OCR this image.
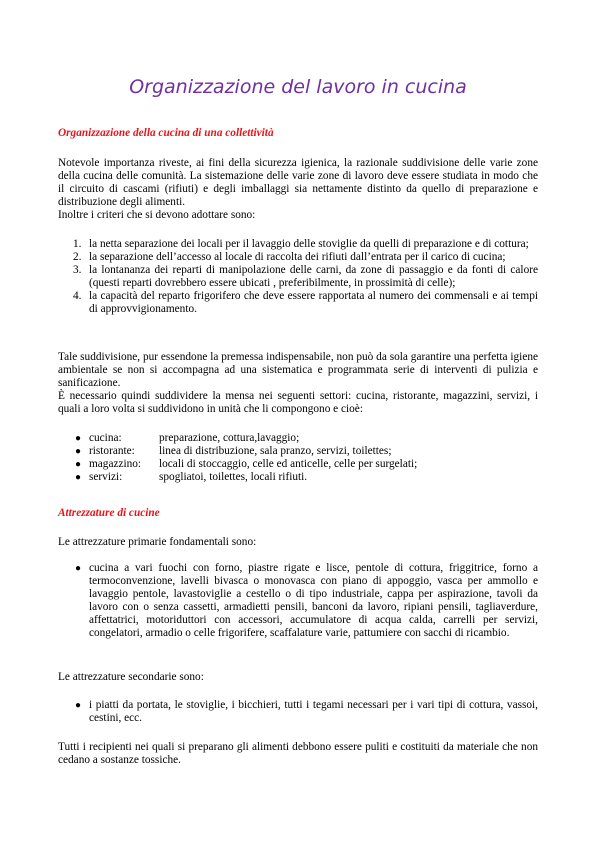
Organizzazione del lavoro in cucina
Organizzazione della cucina di una collettività

Notevole importanza riveste, ai fini della sicurezza igienica, la razionale suddivisione delle varie zone della cucina delle comunità. La sistemazione delle varie zone di lavoro deve essere studiata in modo che il circuito di cascami (rifiuti) e degli imballaggi sia nettamente distinto da quello di preparazione e distribuzione degli alimenti.

Inoltre i criteri che si devono adottare sono:

1. la netta separazione dei locali per il lavaggio delle stoviglie da quelli di preparazione e di cottura;
2. la separazione dell’accesso al locale di raccolta dei rifiuti dall’entrata per il carico di cucina;
3. la lontananza dei reparti di manipolazione delle carni, da zone di passaggio e da fonti di calore (questi reparti dovrebbero essere ubicati , preferibilmente, in prossimità di celle);
4. la capacità del reparto frigorifero che deve essere rapportata al numero dei commensali e ai tempi di approvvigionamento.

Tale suddivisione, pur essendone la premessa indispensabile, non può da sola garantire una perfetta igiene ambientale se non si accompagna ad una sistematica e programmata serie di interventi di pulizia e sanificazione.

È necessario quindi suddividere la mensa nei seguenti settori: cucina, ristorante, magazzini, servizi, i quali a loro volta si suddividono in unità che li compongono e cioè:

● cucina:	preparazione, cottura,lavaggio;
● ristorante: linea di distribuzione, sala pranzo, servizi, toilettes;
● magazzino: locali di stoccaggio, celle ed anticelle, celle per surgelati;
● servizi:	spogliatoi, toilettes, locali rifiuti.
Attrezzature di cucine
Le attrezzature primarie fondamentali sono:
● cucina a vari fuochi con forno, piastre rigate e lisce, pentole di cottura, friggitrice, forno a termoconvenzione, lavelli bivasca o monovasca con piano di appoggio, vasca per ammollo e lavaggio pentole, lavastoviglie a cestello o di tipo industriale, cappa per aspirazione, tavoli da lavoro con o senza cassetti, armadietti pensili, banconi da lavoro, ripiani pensili, tagliaverdure, affettatrici, motoriduttori con accessori, accumulatore di acqua calda, carrelli per servizi, congelatori, armadio o celle frigorifere, scaffalature varie, pattumiere con sacchi di ricambio.
Le attrezzature secondarie sono:
● i piatti da portata, le stoviglie, i bicchieri, tutti i tegami necessari per i vari tipi di cottura, vassoi, cestini, ecc.
Tutti i recipienti nei quali si preparano gli alimenti debbono essere puliti e costituiti da materiale che non cedano a sostanze tossiche.
